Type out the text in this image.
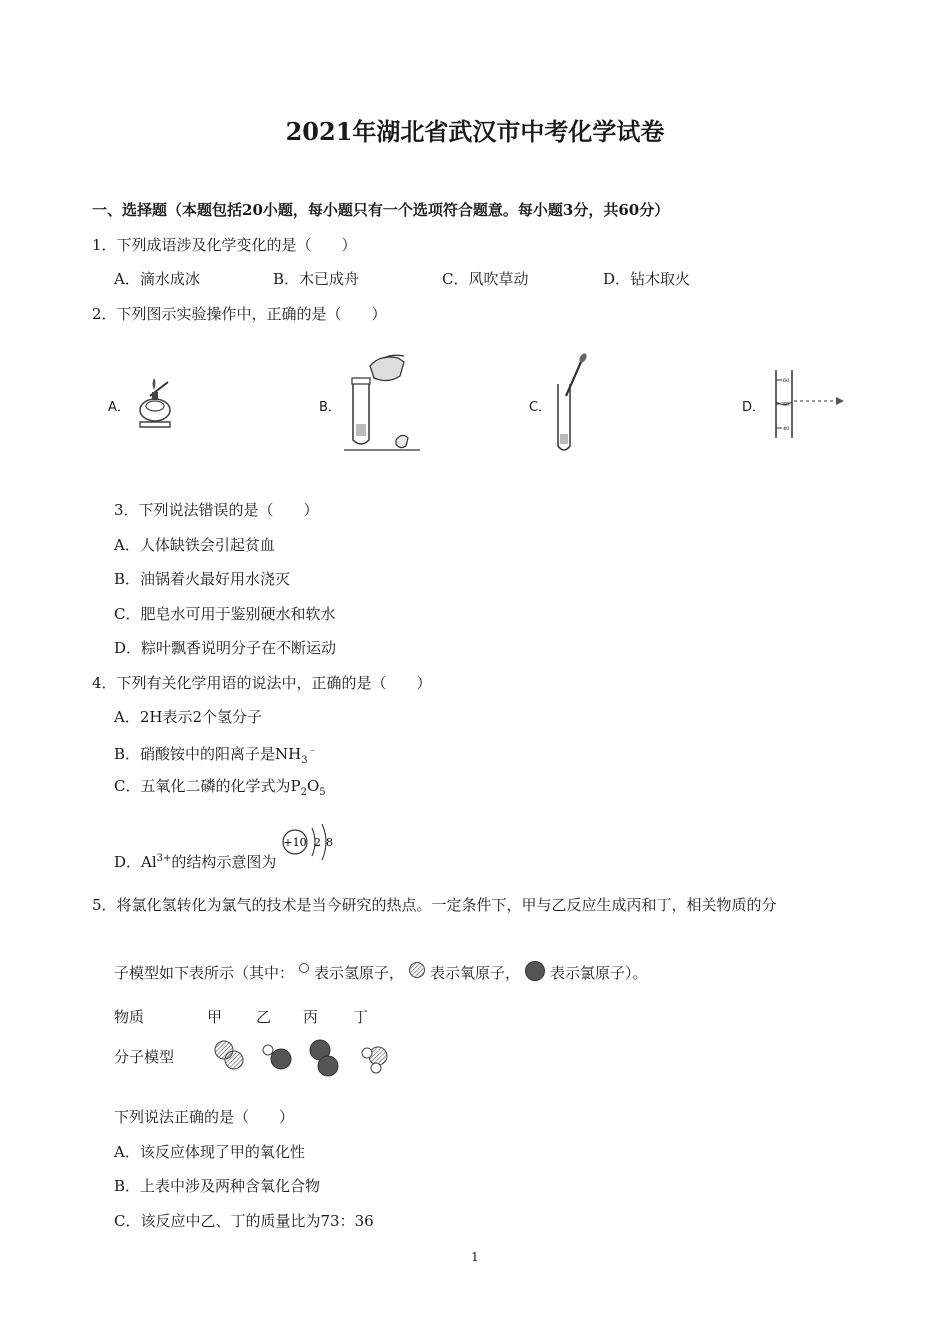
2021年湖北省武汉市中考化学试卷
一、选择题（本题包括20小题，每小题只有一个选项符合题意。每小题3分，共60分）
1．下列成语涉及化学变化的是（　　）
A．滴水成冰	B．木已成舟	C．风吹草动	D．钻木取火
2．下列图示实验操作中，正确的是（　　）
A．	B．	C．	D．
60
50
40
3．下列说法错误的是（　　）
A．人体缺铁会引起贫血
B．油锅着火最好用水浇灭
C．肥皂水可用于鉴别硬水和软水
D．粽叶飘香说明分子在不断运动
4．下列有关化学用语的说法中，正确的是（　　）
A．2H表示2个氢分子
B．硝酸铵中的阳离子是$NH_3^﹣$
C．五氧化二磷的化学式为$P_2O_5$
D．$Al^{3+}$的结构示意图为
+10 2 8
5．将氯化氢转化为氯气的技术是当今研究的热点。一定条件下，甲与乙反应生成丙和丁，相关物质的分
子模型如下表所示（其中： 表示氢原子， 表示氧原子， 表示氯原子）。
物质	甲 乙 丙 丁
分子模型
下列说法正确的是（　　）
A．该反应体现了甲的氧化性
B．上表中涉及两种含氧化合物
C．该反应中乙、丁的质量比为73：36
1
